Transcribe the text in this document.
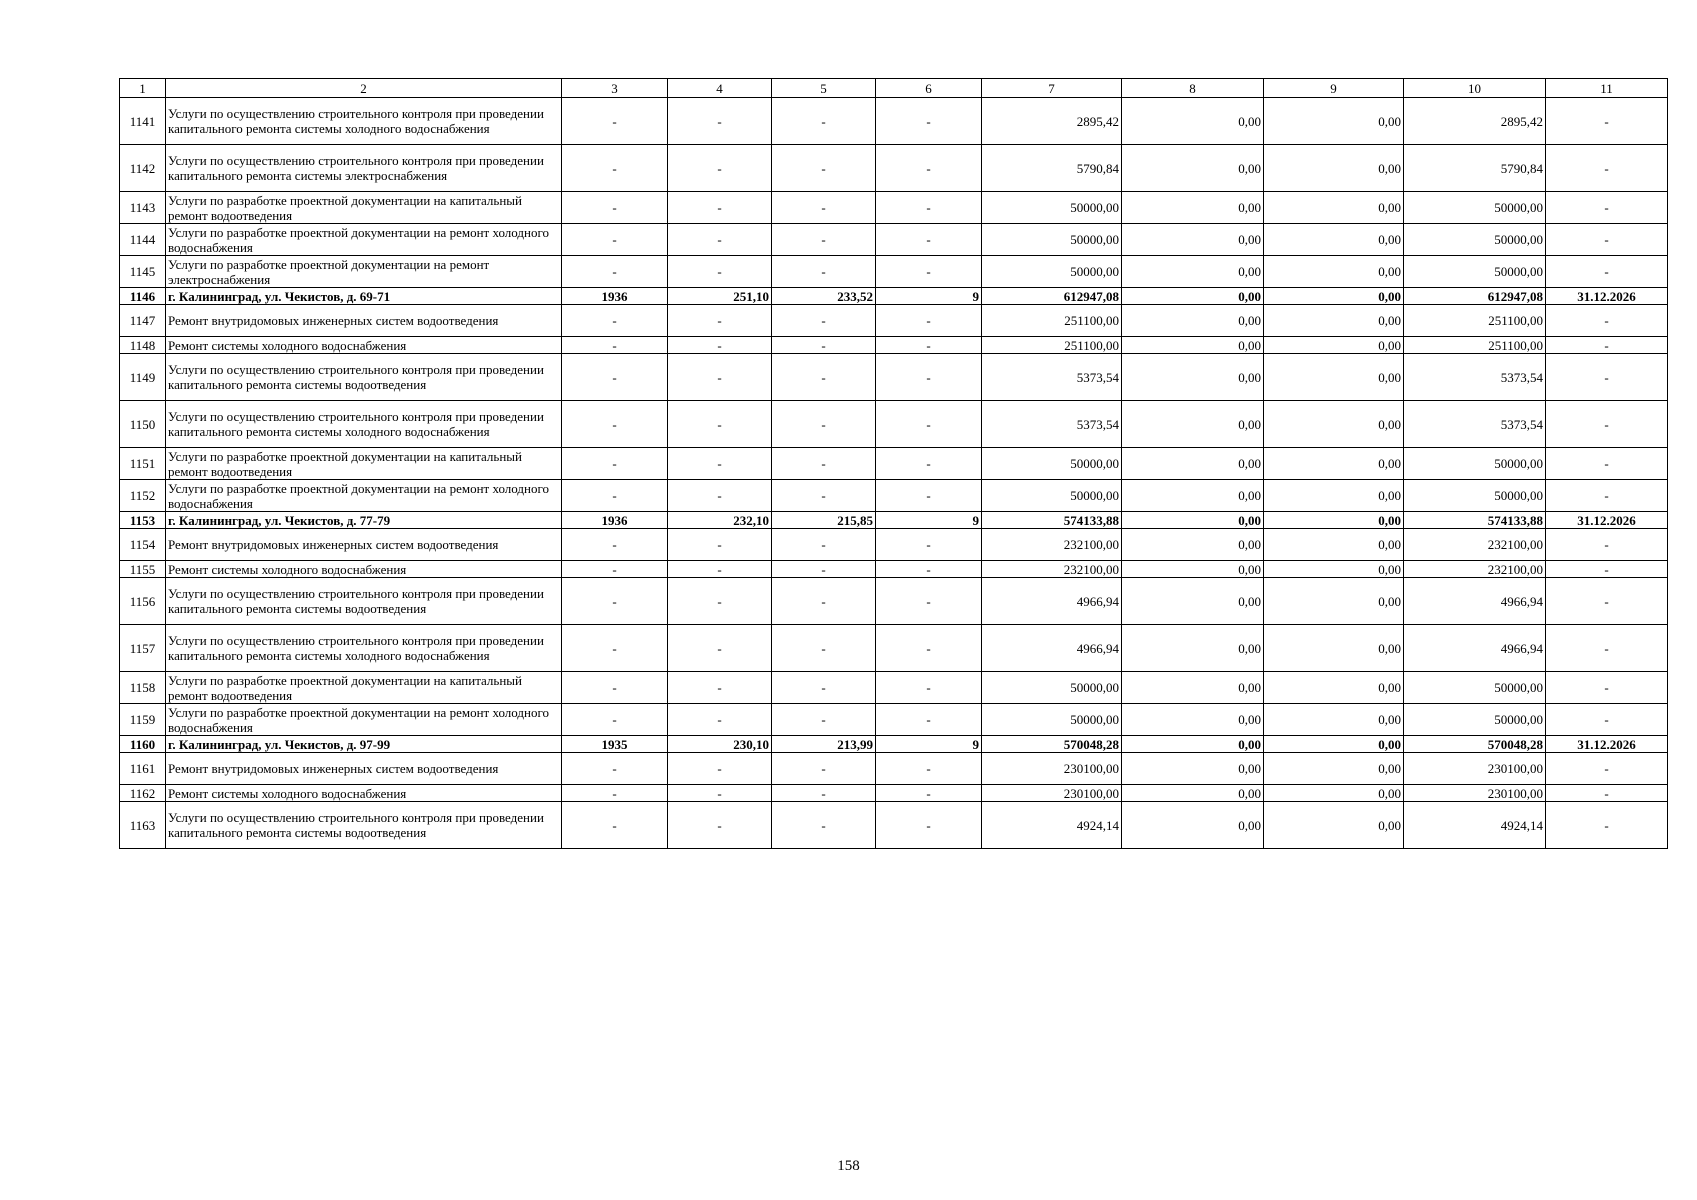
1	2	3	4	5	6	7	8	9	10	11
1141	Услуги по осуществлению строительного контроля при проведении капитального ремонта системы холодного водоснабжения	-	-	-	-	2895,42	0,00	0,00	2895,42	-
1142	Услуги по осуществлению строительного контроля при проведении капитального ремонта системы электроснабжения	-	-	-	-	5790,84	0,00	0,00	5790,84	-
1143	Услуги по разработке проектной документации на капитальный ремонт водоотведения	-	-	-	-	50000,00	0,00	0,00	50000,00	-
1144	Услуги по разработке проектной документации на ремонт холодного водоснабжения	-	-	-	-	50000,00	0,00	0,00	50000,00	-
1145	Услуги по разработке проектной документации на ремонт электроснабжения	-	-	-	-	50000,00	0,00	0,00	50000,00	-
1146	г. Калининград, ул. Чекистов, д. 69-71	1936	251,10	233,52	9	612947,08	0,00	0,00	612947,08	31.12.2026
1147	Ремонт внутридомовых инженерных систем водоотведения	-	-	-	-	251100,00	0,00	0,00	251100,00	-
1148	Ремонт системы холодного водоснабжения	-	-	-	-	251100,00	0,00	0,00	251100,00	-
1149	Услуги по осуществлению строительного контроля при проведении капитального ремонта системы водоотведения	-	-	-	-	5373,54	0,00	0,00	5373,54	-
1150	Услуги по осуществлению строительного контроля при проведении капитального ремонта системы холодного водоснабжения	-	-	-	-	5373,54	0,00	0,00	5373,54	-
1151	Услуги по разработке проектной документации на капитальный ремонт водоотведения	-	-	-	-	50000,00	0,00	0,00	50000,00	-
1152	Услуги по разработке проектной документации на ремонт холодного водоснабжения	-	-	-	-	50000,00	0,00	0,00	50000,00	-
1153	г. Калининград, ул. Чекистов, д. 77-79	1936	232,10	215,85	9	574133,88	0,00	0,00	574133,88	31.12.2026
1154	Ремонт внутридомовых инженерных систем водоотведения	-	-	-	-	232100,00	0,00	0,00	232100,00	-
1155	Ремонт системы холодного водоснабжения	-	-	-	-	232100,00	0,00	0,00	232100,00	-
1156	Услуги по осуществлению строительного контроля при проведении капитального ремонта системы водоотведения	-	-	-	-	4966,94	0,00	0,00	4966,94	-
1157	Услуги по осуществлению строительного контроля при проведении капитального ремонта системы холодного водоснабжения	-	-	-	-	4966,94	0,00	0,00	4966,94	-
1158	Услуги по разработке проектной документации на капитальный ремонт водоотведения	-	-	-	-	50000,00	0,00	0,00	50000,00	-
1159	Услуги по разработке проектной документации на ремонт холодного водоснабжения	-	-	-	-	50000,00	0,00	0,00	50000,00	-
1160	г. Калининград, ул. Чекистов, д. 97-99	1935	230,10	213,99	9	570048,28	0,00	0,00	570048,28	31.12.2026
1161	Ремонт внутридомовых инженерных систем водоотведения	-	-	-	-	230100,00	0,00	0,00	230100,00	-
1162	Ремонт системы холодного водоснабжения	-	-	-	-	230100,00	0,00	0,00	230100,00	-
1163	Услуги по осуществлению строительного контроля при проведении капитального ремонта системы водоотведения	-	-	-	-	4924,14	0,00	0,00	4924,14	-
158
